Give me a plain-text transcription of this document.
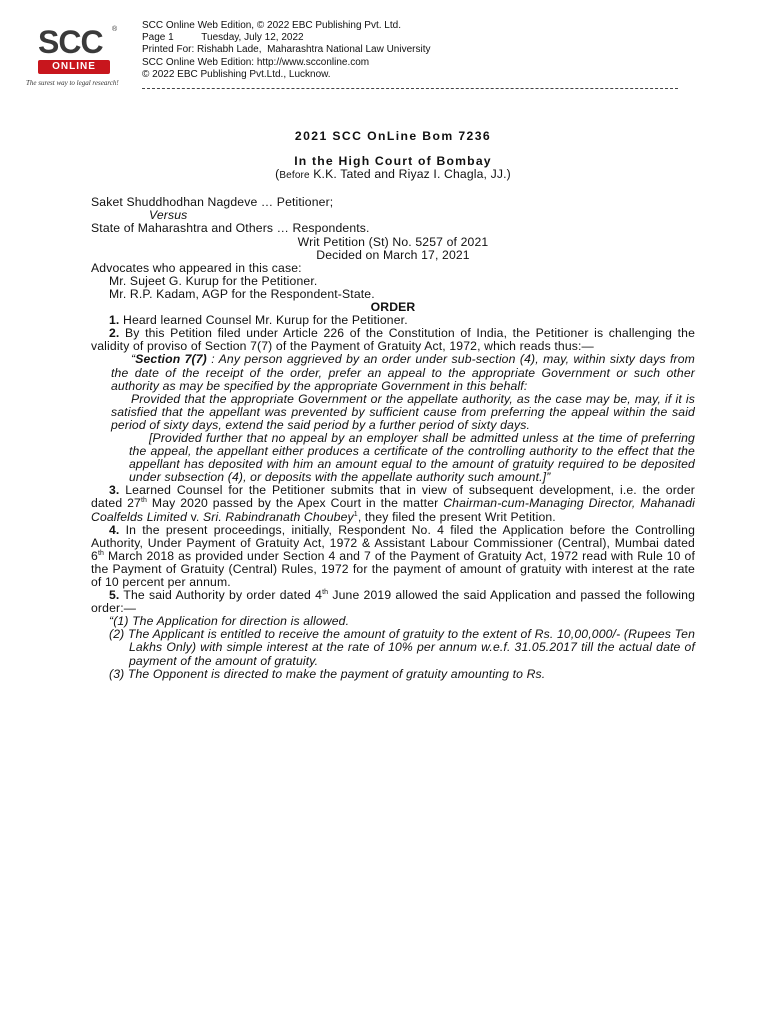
SCC ®
ONLINE
The surest way to legal research!
SCC Online Web Edition, © 2022 EBC Publishing Pvt. Ltd.
Page 1          Tuesday, July 12, 2022
Printed For: Rishabh Lade,  Maharashtra National Law University
SCC Online Web Edition: http://www.scconline.com
© 2022 EBC Publishing Pvt.Ltd., Lucknow.
2021 SCC OnLine Bom 7236
In the High Court of Bombay
(Before K.K. Tated and Riyaz I. Chagla, JJ.)

Saket Shuddhodhan Nagdeve … Petitioner;

Versus

State of Maharashtra and Others … Respondents.

Writ Petition (St) No. 5257 of 2021

Decided on March 17, 2021

Advocates who appeared in this case:

Mr. Sujeet G. Kurup for the Petitioner.

Mr. R.P. Kadam, AGP for the Respondent-State.

ORDER

1. Heard learned Counsel Mr. Kurup for the Petitioner.

2. By this Petition filed under Article 226 of the Constitution of India, the Petitioner is challenging the validity of proviso of Section 7(7) of the Payment of Gratuity Act, 1972, which reads thus:—

“Section 7(7) : Any person aggrieved by an order under sub-section (4), may, within sixty days from the date of the receipt of the order, prefer an appeal to the appropriate Government or such other authority as may be specified by the appropriate Government in this behalf:

Provided that the appropriate Government or the appellate authority, as the case may be, may, if it is satisfied that the appellant was prevented by sufficient cause from preferring the appeal within the said period of sixty days, extend the said period by a further period of sixty days.

[Provided further that no appeal by an employer shall be admitted unless at the time of preferring the appeal, the appellant either produces a certificate of the controlling authority to the effect that the appellant has deposited with him an amount equal to the amount of gratuity required to be deposited under subsection (4), or deposits with the appellate authority such amount.]”

3. Learned Counsel for the Petitioner submits that in view of subsequent development, i.e. the order dated 27th May 2020 passed by the Apex Court in the matter Chairman-cum-Managing Director, Mahanadi Coalfelds Limited v. Sri. Rabindranath Choubey$^1$, they filed the present Writ Petition.

4. In the present proceedings, initially, Respondent No. 4 filed the Application before the Controlling Authority, Under Payment of Gratuity Act, 1972 & Assistant Labour Commissioner (Central), Mumbai dated 6th March 2018 as provided under Section 4 and 7 of the Payment of Gratuity Act, 1972 read with Rule 10 of the Payment of Gratuity (Central) Rules, 1972 for the payment of amount of gratuity with interest at the rate of 10 percent per annum.

5. The said Authority by order dated 4th June 2019 allowed the said Application and passed the following order:—

“(1) The Application for direction is allowed.

(2) The Applicant is entitled to receive the amount of gratuity to the extent of Rs. 10,00,000/- (Rupees Ten Lakhs Only) with simple interest at the rate of 10% per annum w.e.f. 31.05.2017 till the actual date of payment of the amount of gratuity.

(3) The Opponent is directed to make the payment of gratuity amounting to Rs.
